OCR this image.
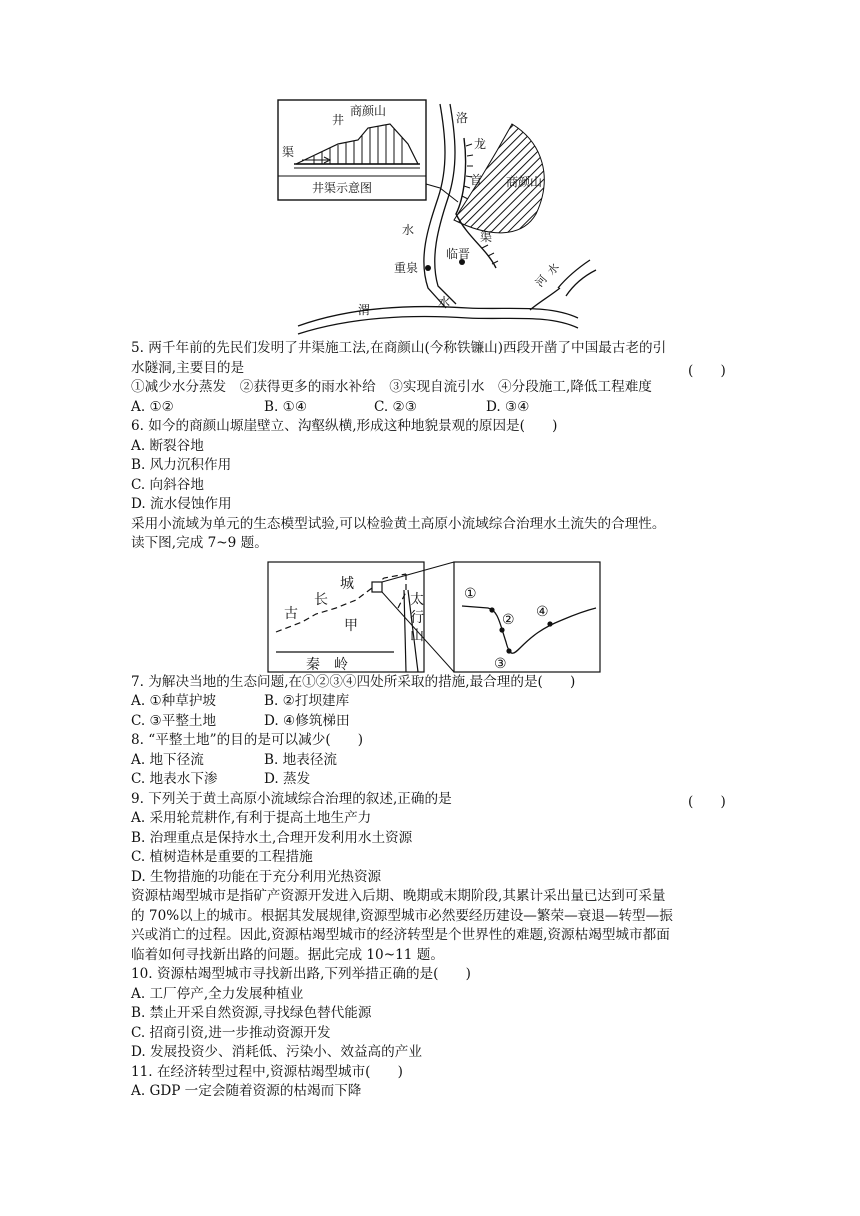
井
商颜山
渠
井渠示意图
洛
水
龙
首
渠
商颜山
重泉
临晋
渭
水
河
水
5. 两千年前的先民们发明了井渠施工法,在商颜山(今称铁镰山)西段开凿了中国最古老的引
水隧洞,主要目的是	(　　)
①减少水分蒸发　②获得更多的雨水补给　③实现自流引水　④分段施工,降低工程难度
A. ①②	B. ①④	C. ②③	D. ③④
6. 如今的商颜山塬崖壁立、沟壑纵横,形成这种地貌景观的原因是(　　)
A. 断裂谷地
B. 风力沉积作用
C. 向斜谷地
D. 流水侵蚀作用
采用小流域为单元的生态模型试验,可以检验黄土高原小流域综合治理水土流失的合理性。
读下图,完成 7~9 题。
古
长
城
甲
太
行
山
秦　岭
①
②
③
④
7. 为解决当地的生态问题,在①②③④四处所采取的措施,最合理的是(　　)
A. ①种草护坡	B. ②打坝建库
C. ③平整土地	D. ④修筑梯田
8. “平整土地”的目的是可以减少(　　)
A. 地下径流	B. 地表径流
C. 地表水下渗	D. 蒸发
9. 下列关于黄土高原小流域综合治理的叙述,正确的是	(　　)
A. 采用轮荒耕作,有利于提高土地生产力
B. 治理重点是保持水土,合理开发利用水土资源
C. 植树造林是重要的工程措施
D. 生物措施的功能在于充分利用光热资源
资源枯竭型城市是指矿产资源开发进入后期、晚期或末期阶段,其累计采出量已达到可采量
的 70%以上的城市。根据其发展规律,资源型城市必然要经历建设—繁荣—衰退—转型—振
兴或消亡的过程。因此,资源枯竭型城市的经济转型是个世界性的难题,资源枯竭型城市都面
临着如何寻找新出路的问题。据此完成 10~11 题。
10. 资源枯竭型城市寻找新出路,下列举措正确的是(　　)
A. 工厂停产,全力发展种植业
B. 禁止开采自然资源,寻找绿色替代能源
C. 招商引资,进一步推动资源开发
D. 发展投资少、消耗低、污染小、效益高的产业
11. 在经济转型过程中,资源枯竭型城市(　　)
A. GDP 一定会随着资源的枯竭而下降
